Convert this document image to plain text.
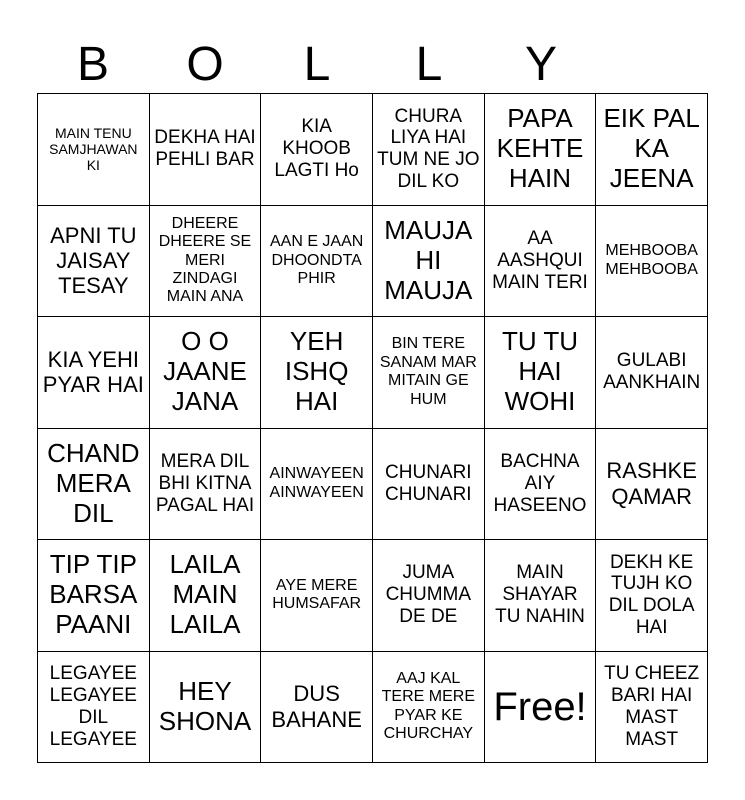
B	O	L	L	Y
MAIN TENU SAMJHAWAN KI
DEKHA HAI PEHLI BAR
KIA KHOOB LAGTI Ho
CHURA LIYA HAI TUM NE JO DIL KO
PAPA KEHTE HAIN
EIK PAL KA JEENA
APNI TU JAISAY TESAY
DHEERE DHEERE SE MERI ZINDAGI MAIN ANA
AAN E JAAN DHOONDTA PHIR
MAUJA HI MAUJA
AA AASHQUI MAIN TERI
MEHBOOBA MEHBOOBA
KIA YEHI PYAR HAI
O O JAANE JANA
YEH ISHQ HAI
BIN TERE SANAM MAR MITAIN GE HUM
TU TU HAI WOHI
GULABI AANKHAIN
CHAND MERA DIL
MERA DIL BHI KITNA PAGAL HAI
AINWAYEEN AINWAYEEN
CHUNARI CHUNARI
BACHNA AIY HASEENO
RASHKE QAMAR
TIP TIP BARSA PAANI
LAILA MAIN LAILA
AYE MERE HUMSAFAR
JUMA CHUMMA DE DE
MAIN SHAYAR TU NAHIN
DEKH KE TUJH KO DIL DOLA HAI
LEGAYEE LEGAYEE DIL LEGAYEE
HEY SHONA
DUS BAHANE
AAJ KAL TERE MERE PYAR KE CHURCHAY
Free!
TU CHEEZ BARI HAI MAST MAST
